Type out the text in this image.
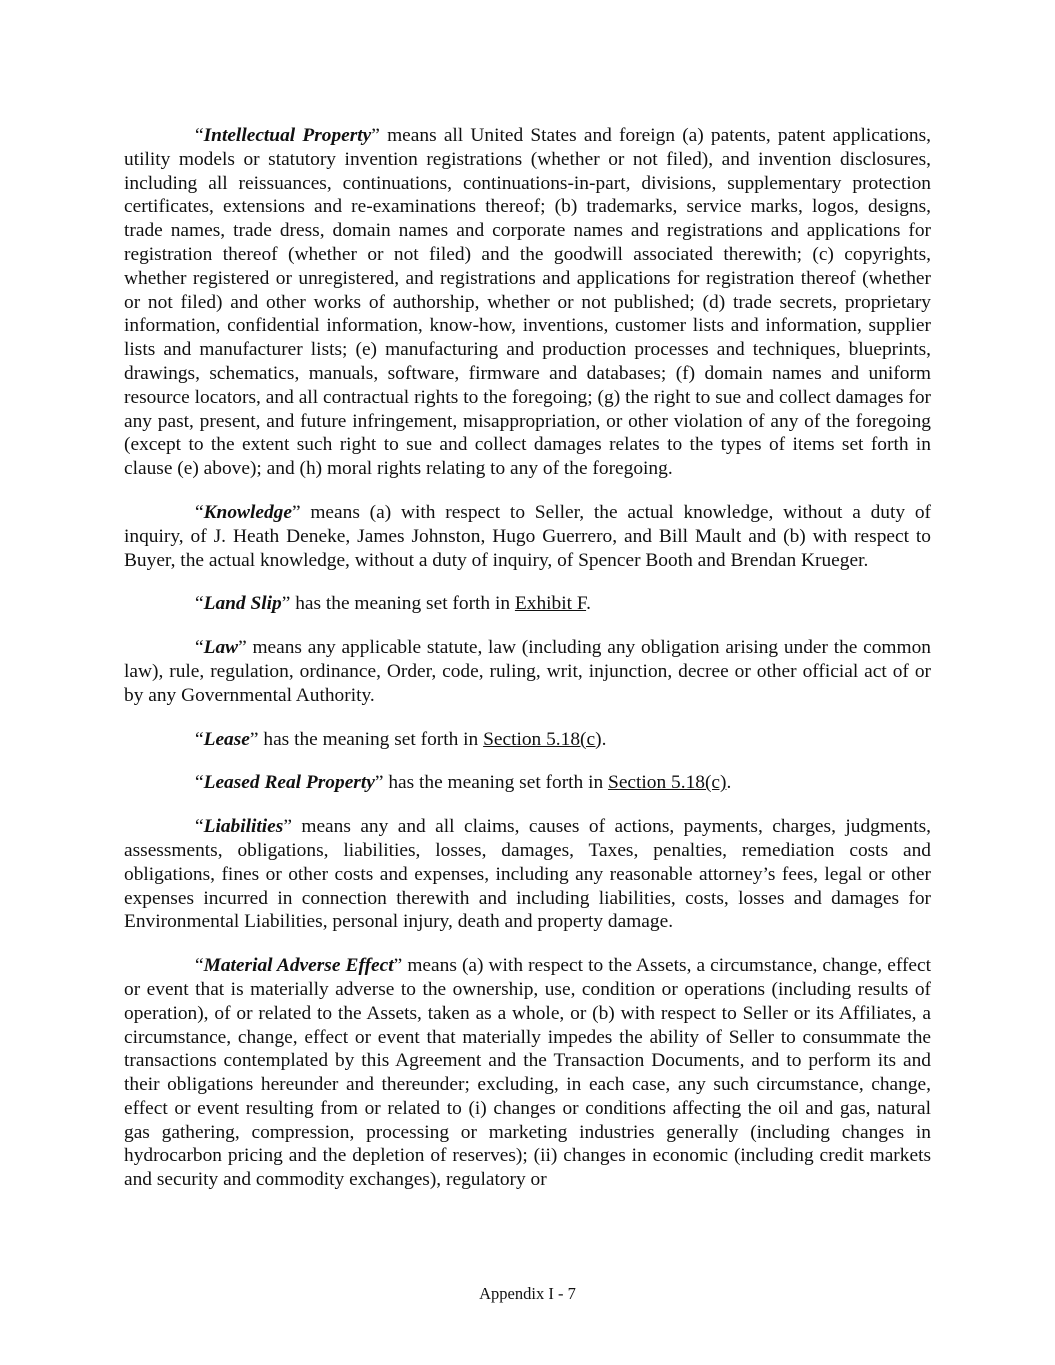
“Intellectual Property” means all United States and foreign (a) patents, patent applications, utility models or statutory invention registrations (whether or not filed), and invention disclosures, including all reissuances, continuations, continuations-in-part, divisions, supplementary protection certificates, extensions and re-examinations thereof; (b) trademarks, service marks, logos, designs, trade names, trade dress, domain names and corporate names and registrations and applications for registration thereof (whether or not filed) and the goodwill associated therewith; (c) copyrights, whether registered or unregistered, and registrations and applications for registration thereof (whether or not filed) and other works of authorship, whether or not published; (d) trade secrets, proprietary information, confidential information, know-how, inventions, customer lists and information, supplier lists and manufacturer lists; (e) manufacturing and production processes and techniques, blueprints, drawings, schematics, manuals, software, firmware and databases; (f) domain names and uniform resource locators, and all contractual rights to the foregoing; (g) the right to sue and collect damages for any past, present, and future infringement, misappropriation, or other violation of any of the foregoing (except to the extent such right to sue and collect damages relates to the types of items set forth in clause (e) above); and (h) moral rights relating to any of the foregoing.

“Knowledge” means (a) with respect to Seller, the actual knowledge, without a duty of inquiry, of J. Heath Deneke, James Johnston, Hugo Guerrero, and Bill Mault and (b) with respect to Buyer, the actual knowledge, without a duty of inquiry, of Spencer Booth and Brendan Krueger.

“Land Slip” has the meaning set forth in Exhibit F.

“Law” means any applicable statute, law (including any obligation arising under the common law), rule, regulation, ordinance, Order, code, ruling, writ, injunction, decree or other official act of or by any Governmental Authority.

“Lease” has the meaning set forth in Section 5.18(c).

“Leased Real Property” has the meaning set forth in Section 5.18(c).

“Liabilities” means any and all claims, causes of actions, payments, charges, judgments, assessments, obligations, liabilities, losses, damages, Taxes, penalties, remediation costs and obligations, fines or other costs and expenses, including any reasonable attorney’s fees, legal or other expenses incurred in connection therewith and including liabilities, costs, losses and damages for Environmental Liabilities, personal injury, death and property damage.

“Material Adverse Effect” means (a) with respect to the Assets, a circumstance, change, effect or event that is materially adverse to the ownership, use, condition or operations (including results of operation), of or related to the Assets, taken as a whole, or (b) with respect to Seller or its Affiliates, a circumstance, change, effect or event that materially impedes the ability of Seller to consummate the transactions contemplated by this Agreement and the Transaction Documents, and to perform its and their obligations hereunder and thereunder; excluding, in each case, any such circumstance, change, effect or event resulting from or related to (i) changes or conditions affecting the oil and gas, natural gas gathering, compression, processing or marketing industries generally (including changes in hydrocarbon pricing and the depletion of reserves); (ii) changes in economic (including credit markets and security and commodity exchanges), regulatory or

Appendix I - 7
